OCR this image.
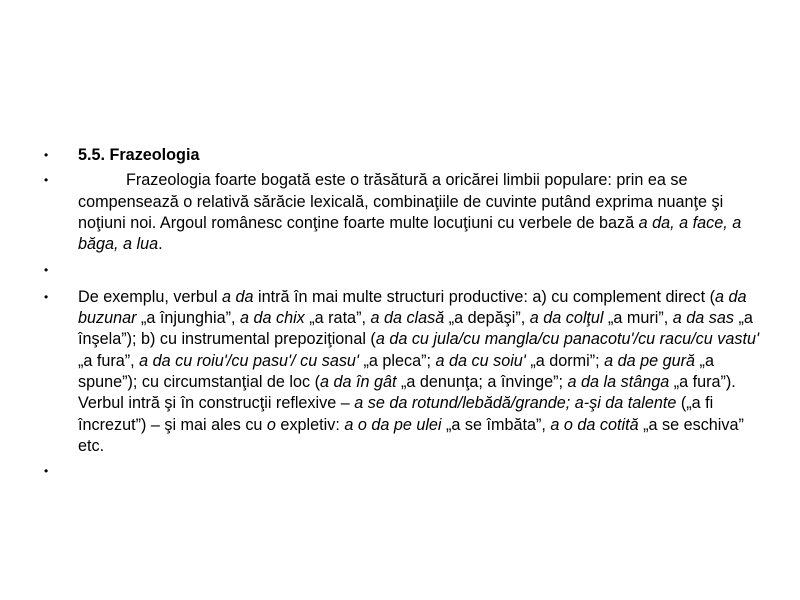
•	5.5. Frazeologia
•	Frazeologia foarte bogată este o trăsătură a oricărei limbii populare: prin ea se compensează o relativă sărăcie lexicală, combinaţiile de cuvinte putând exprima nuanţe şi noţiuni noi. Argoul românesc conţine foarte multe locuţiuni cu verbele de bază a da, a face, a băga, a lua.
•
•	De exemplu, verbul a da intră în mai multe structuri productive: a) cu complement direct (a da buzunar „a înjunghia”, a da chix „a rata”, a da clasă „a depăşi”, a da colţul „a muri”, a da sas „a înşela”); b) cu instrumental prepoziţional (a da cu jula/cu mangla/cu panacotu'/cu racu/cu vastu' „a fura”, a da cu roiu'/cu pasu'/ cu sasu' „a pleca”; a da cu soiu' „a dormi”; a da pe gură „a spune”); cu circumstanţial de loc (a da în gât „a denunţa; a învinge”; a da la stânga „a fura”). Verbul intră şi în construcţii reflexive – a se da rotund/lebădă/grande; a-şi da talente („a fi încrezut”) – şi mai ales cu o expletiv: a o da pe ulei „a se îmbăta”, a o da cotită „a se eschiva” etc.
•
